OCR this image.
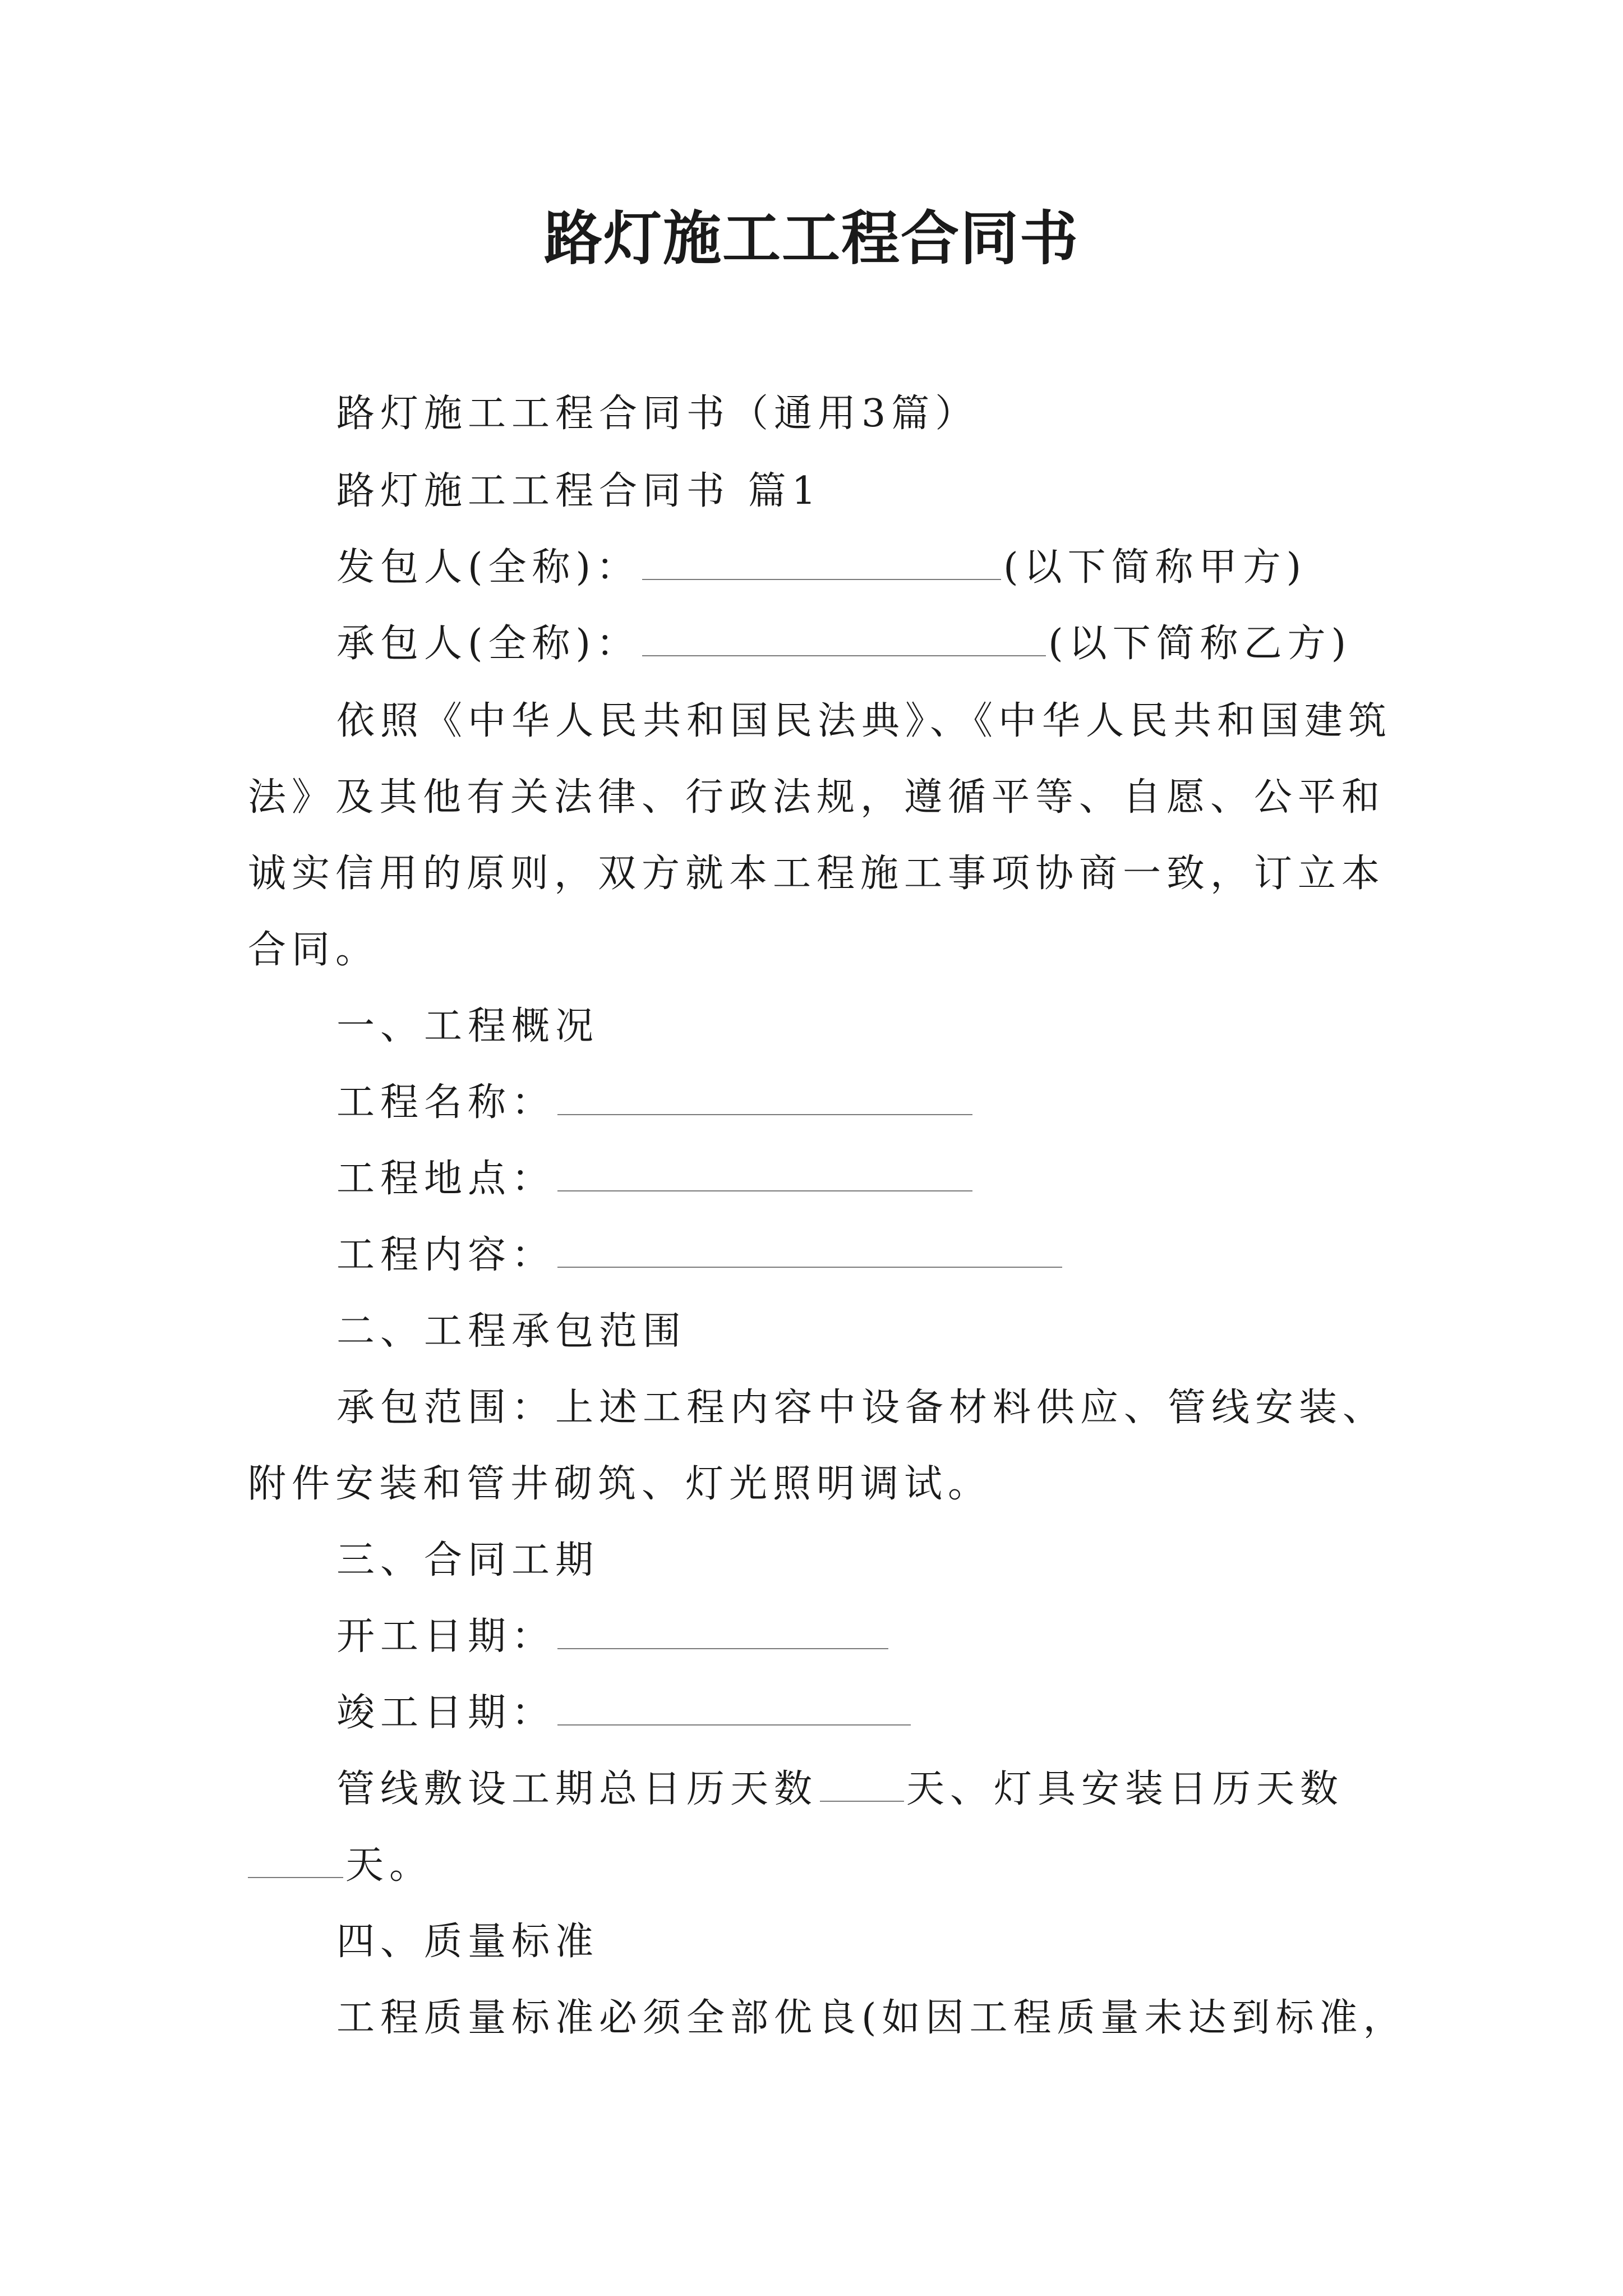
路灯施工工程合同书
路灯施工工程合同书（通用3篇）
路灯施工工程合同书 篇1
发包人(全称)：	(以下简称甲方)
承包人(全称)：	(以下简称乙方)
依照《中华人民共和国民法典》、《中华人民共和国建筑
法》及其他有关法律、行政法规，遵循平等、自愿、公平和
诚实信用的原则，双方就本工程施工事项协商一致，订立本
合同。
一、工程概况
工程名称：
工程地点：
工程内容：
二、工程承包范围
承包范围：上述工程内容中设备材料供应、管线安装、
附件安装和管井砌筑、灯光照明调试。
三、合同工期
开工日期：
竣工日期：
管线敷设工期总日历天数 天、灯具安装日历天数
天。
四、质量标准
工程质量标准必须全部优良(如因工程质量未达到标准，
